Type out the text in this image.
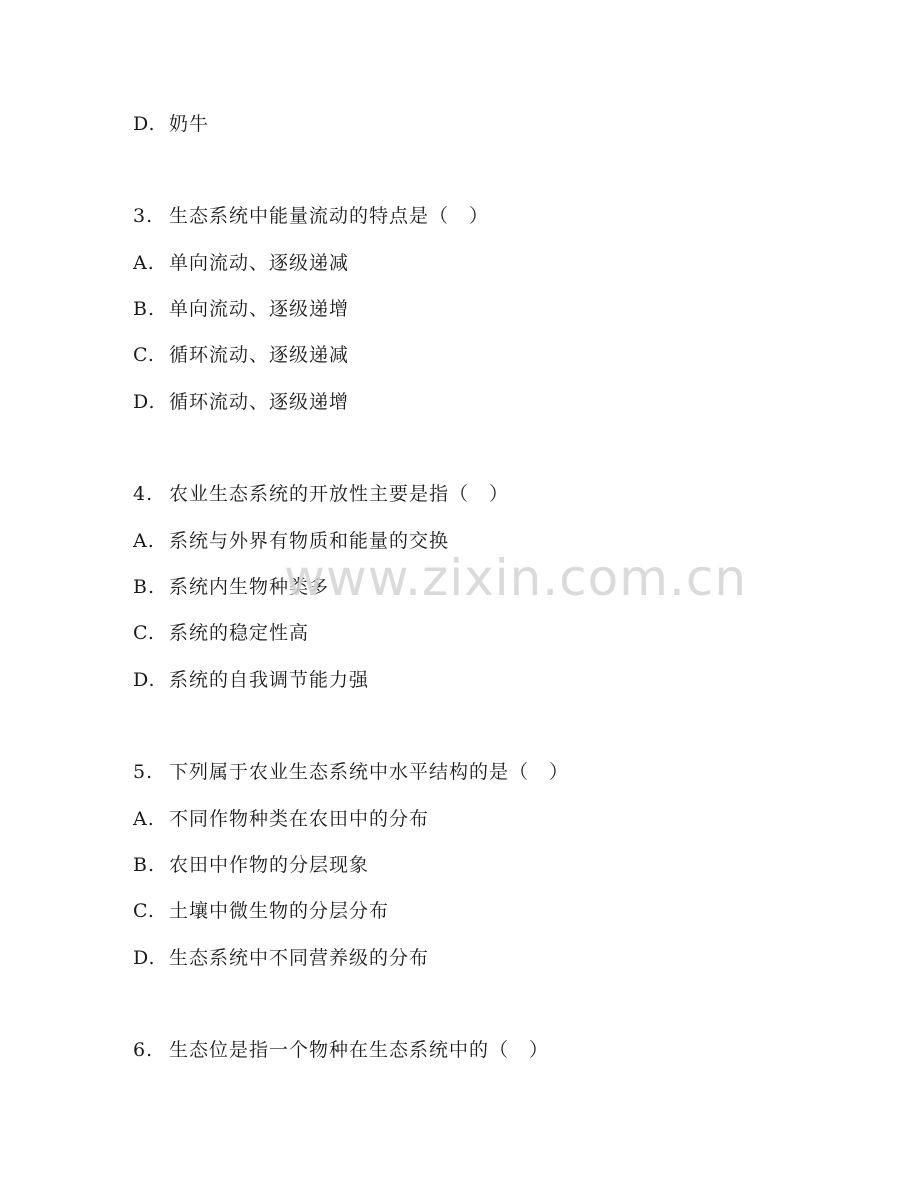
D. 奶牛
3. 生态系统中能量流动的特点是（　）
A. 单向流动、逐级递减
B. 单向流动、逐级递增
C. 循环流动、逐级递减
D. 循环流动、逐级递增
4. 农业生态系统的开放性主要是指（　）
A. 系统与外界有物质和能量的交换
B. 系统内生物种类多
C. 系统的稳定性高
D. 系统的自我调节能力强
5. 下列属于农业生态系统中水平结构的是（　）
A. 不同作物种类在农田中的分布
B. 农田中作物的分层现象
C. 土壤中微生物的分层分布
D. 生态系统中不同营养级的分布
6. 生态位是指一个物种在生态系统中的（　）
www.zixin.com.cn
